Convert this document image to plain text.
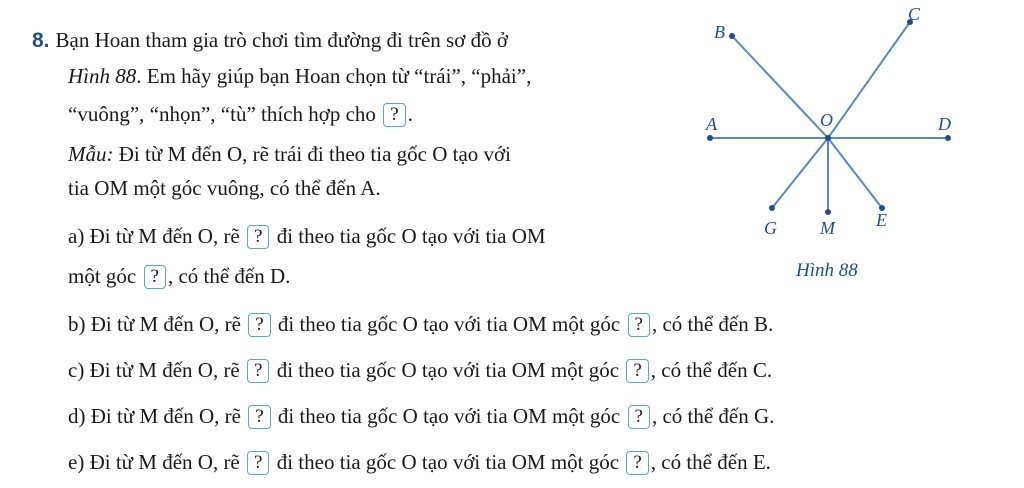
8. Bạn Hoan tham gia trò chơi tìm đường đi trên sơ đồ ở
Hình 88. Em hãy giúp bạn Hoan chọn từ “trái”, “phải”,
“vuông”, “nhọn”, “tù” thích hợp cho ? .
Mẫu: Đi từ M đến O, rẽ trái đi theo tia gốc O tạo với
tia OM một góc vuông, có thể đến A.
a) Đi từ M đến O, rẽ ? đi theo tia gốc O tạo với tia OM
một góc ? , có thể đến D.
b) Đi từ M đến O, rẽ ? đi theo tia gốc O tạo với tia OM một góc ? , có thể đến B.
c) Đi từ M đến O, rẽ ? đi theo tia gốc O tạo với tia OM một góc ? , có thể đến C.
d) Đi từ M đến O, rẽ ? đi theo tia gốc O tạo với tia OM một góc ? , có thể đến G.
e) Đi từ M đến O, rẽ ? đi theo tia gốc O tạo với tia OM một góc ? , có thể đến E.
B
C
A	D
O
G M E
Hình 88
